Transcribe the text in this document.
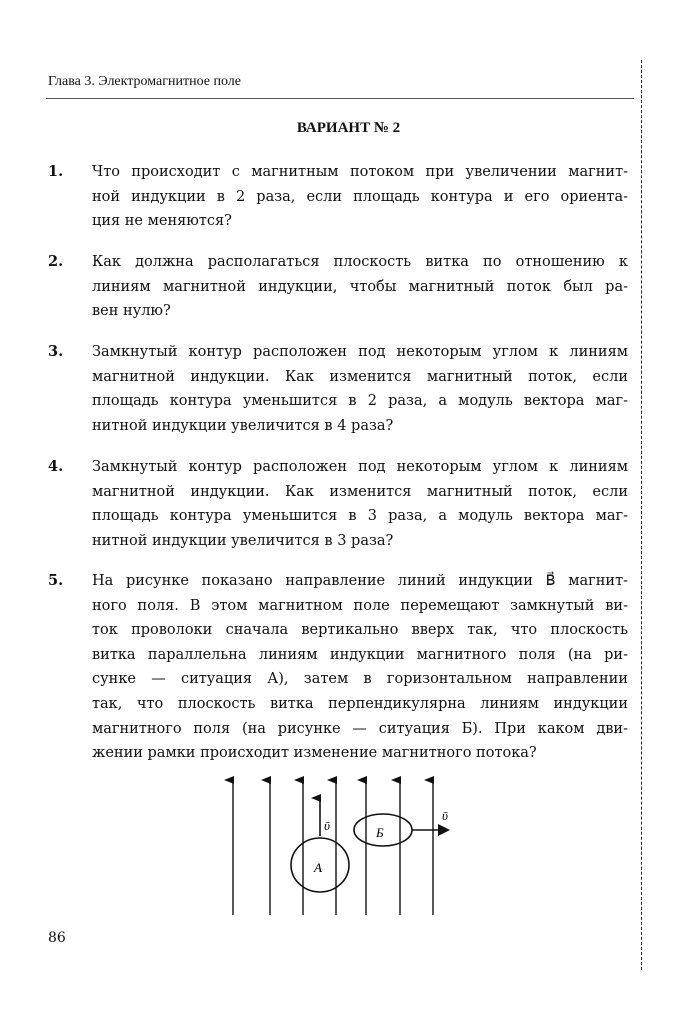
Глава 3. Электромагнитное поле
ВАРИАНТ № 2
1. Что происходит с магнитным потоком при увеличении магнит-
ной индукции в 2 раза, если площадь контура и его ориента-
ция не меняются?
2. Как должна располагаться плоскость витка по отношению к
линиям магнитной индукции, чтобы магнитный поток был ра-
вен нулю?
3. Замкнутый контур расположен под некоторым углом к линиям
магнитной индукции. Как изменится магнитный поток, если
площадь контура уменьшится в 2 раза, а модуль вектора маг-
нитной индукции увеличится в 4 раза?
4. Замкнутый контур расположен под некоторым углом к линиям
магнитной индукции. Как изменится магнитный поток, если
площадь контура уменьшится в 3 раза, а модуль вектора маг-
нитной индукции увеличится в 3 раза?
5. На рисунке показано направление линий индукции B⃗ магнит-
ного поля. В этом магнитном поле перемещают замкнутый ви-
ток проволоки сначала вертикально вверх так, что плоскость
витка параллельна линиям индукции магнитного поля (на ри-
сунке — ситуация А), затем в горизонтальном направлении
так, что плоскость витка перпендикулярна линиям индукции
магнитного поля (на рисунке — ситуация Б). При каком дви-
жении рамки происходит изменение магнитного потока?
A
Б
ῡ
ῡ
86
